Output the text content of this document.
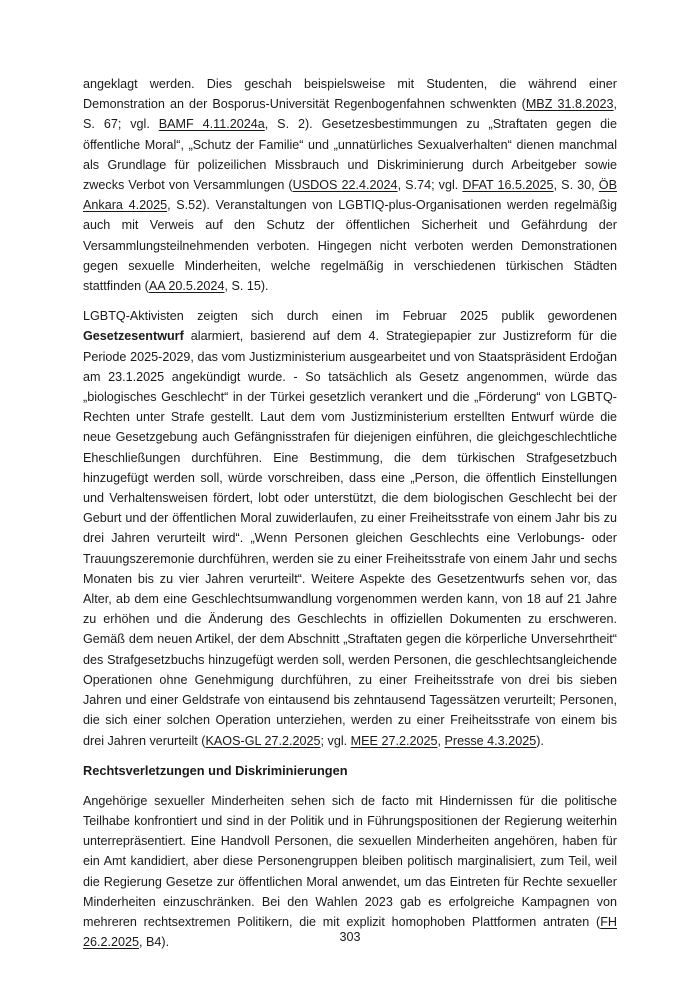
angeklagt werden. Dies geschah beispielsweise mit Studenten, die während einer Demonstration an der Bosporus-Universität Regenbogenfahnen schwenkten (MBZ 31.8.2023, S. 67; vgl. BAMF 4.11.2024a, S. 2). Gesetzesbestimmungen zu „Straftaten gegen die öffentliche Moral“, „Schutz der Familie“ und „unnatürliches Sexualverhalten“ dienen manchmal als Grundlage für polizeilichen Missbrauch und Diskriminierung durch Arbeitgeber sowie zwecks Verbot von Versammlungen (USDOS 22.4.2024, S.74; vgl. DFAT 16.5.2025, S. 30, ÖB Ankara 4.2025, S.52). Veranstaltungen von LGBTIQ-plus-Organisationen werden regelmäßig auch mit Verweis auf den Schutz der öffentlichen Sicherheit und Gefährdung der Versammlungsteilnehmenden verboten. Hingegen nicht verboten werden Demonstrationen gegen sexuelle Minderheiten, welche regelmäßig in verschiedenen türkischen Städten stattfinden (AA 20.5.2024, S. 15).

LGBTQ-Aktivisten zeigten sich durch einen im Februar 2025 publik gewordenen Gesetzesentwurf alarmiert, basierend auf dem 4. Strategiepapier zur Justizreform für die Periode 2025-2029, das vom Justizministerium ausgearbeitet und von Staatspräsident Erdoğan am 23.1.2025 angekündigt wurde. - So tatsächlich als Gesetz angenommen, würde das „biologisches Geschlecht“ in der Türkei gesetzlich verankert und die „Förderung“ von LGBTQ-Rechten unter Strafe gestellt. Laut dem vom Justizministerium erstellten Entwurf würde die neue Gesetzgebung auch Gefängnisstrafen für diejenigen einführen, die gleichgeschlechtliche Eheschließungen durchführen. Eine Bestimmung, die dem türkischen Strafgesetzbuch hinzugefügt werden soll, würde vorschreiben, dass eine „Person, die öffentlich Einstellungen und Verhaltensweisen fördert, lobt oder unterstützt, die dem biologischen Geschlecht bei der Geburt und der öffentlichen Moral zuwiderlaufen, zu einer Freiheitsstrafe von einem Jahr bis zu drei Jahren verurteilt wird“. „Wenn Personen gleichen Geschlechts eine Verlobungs- oder Trauungszeremonie durchführen, werden sie zu einer Freiheitsstrafe von einem Jahr und sechs Monaten bis zu vier Jahren verurteilt“. Weitere Aspekte des Gesetzentwurfs sehen vor, das Alter, ab dem eine Geschlechtsumwandlung vorgenommen werden kann, von 18 auf 21 Jahre zu erhöhen und die Änderung des Geschlechts in offiziellen Dokumenten zu erschweren. Gemäß dem neuen Artikel, der dem Abschnitt „Straftaten gegen die körperliche Unversehrtheit“ des Strafgesetzbuchs hinzugefügt werden soll, werden Personen, die geschlechtsangleichende Operationen ohne Genehmigung durchführen, zu einer Freiheitsstrafe von drei bis sieben Jahren und einer Geldstrafe von eintausend bis zehntausend Tagessätzen verurteilt; Personen, die sich einer solchen Operation unterziehen, werden zu einer Freiheitsstrafe von einem bis drei Jahren verurteilt (KAOS-GL 27.2.2025; vgl. MEE 27.2.2025, Presse 4.3.2025).

Rechtsverletzungen und Diskriminierungen

Angehörige sexueller Minderheiten sehen sich de facto mit Hindernissen für die politische Teilhabe konfrontiert und sind in der Politik und in Führungspositionen der Regierung weiterhin unterrepräsentiert. Eine Handvoll Personen, die sexuellen Minderheiten angehören, haben für ein Amt kandidiert, aber diese Personengruppen bleiben politisch marginalisiert, zum Teil, weil die Regierung Gesetze zur öffentlichen Moral anwendet, um das Eintreten für Rechte sexueller Minderheiten einzuschränken. Bei den Wahlen 2023 gab es erfolgreiche Kampagnen von mehreren rechtsextremen Politikern, die mit explizit homophoben Plattformen antraten (FH 26.2.2025, B4).	303
